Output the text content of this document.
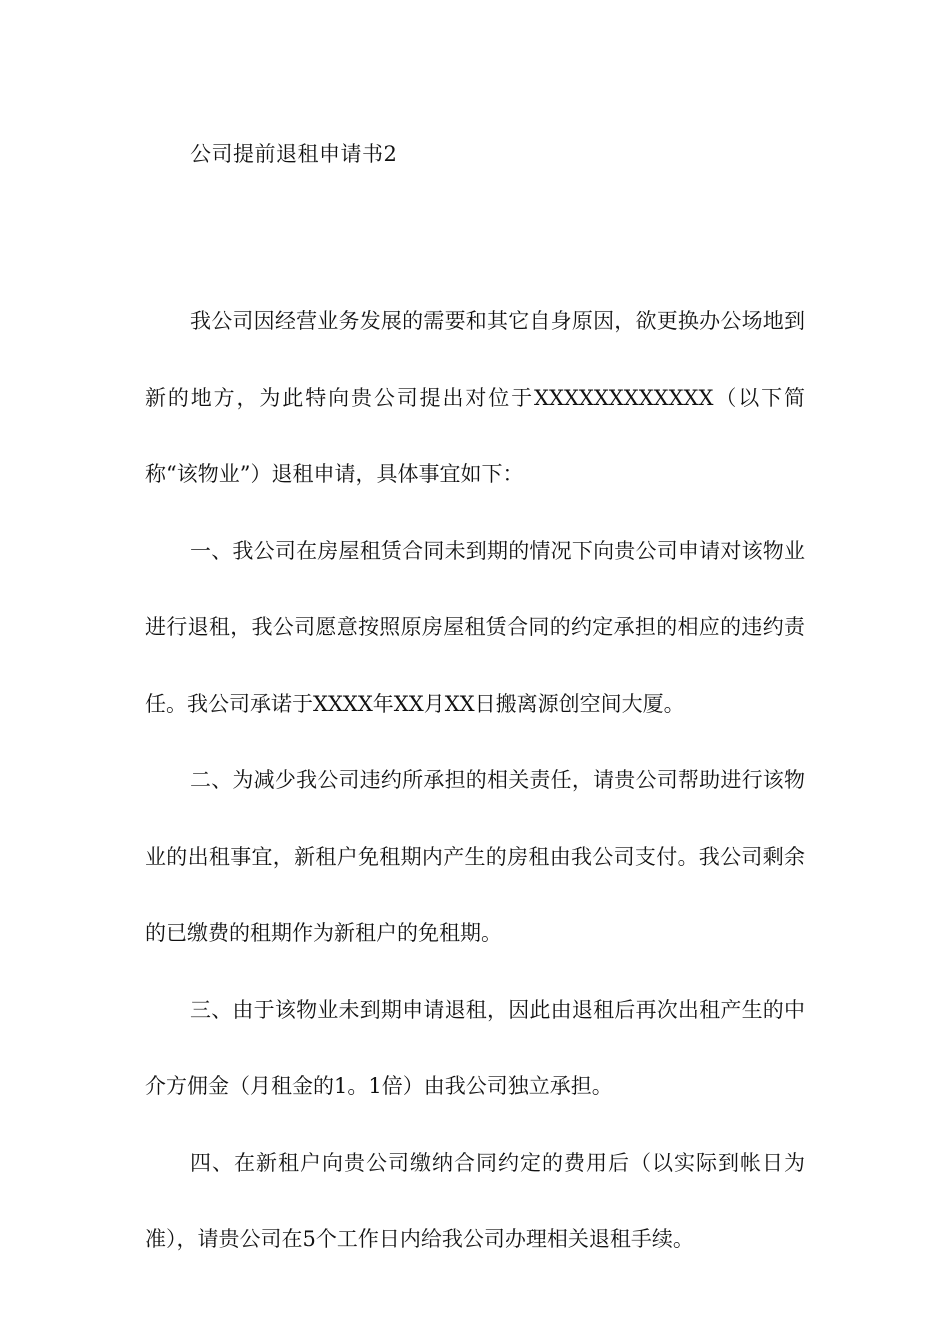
公司提前退租申请书2

我公司因经营业务发展的需要和其它自身原因，欲更换办公场地到新的地方，为此特向贵公司提出对位于XXXXXXXXXXXX（以下简称“该物业”）退租申请，具体事宜如下：

一、我公司在房屋租赁合同未到期的情况下向贵公司申请对该物业进行退租，我公司愿意按照原房屋租赁合同的约定承担的相应的违约责任。我公司承诺于XXXX年XX月XX日搬离源创空间大厦。

二、为减少我公司违约所承担的相关责任，请贵公司帮助进行该物业的出租事宜，新租户免租期内产生的房租由我公司支付。我公司剩余的已缴费的租期作为新租户的免租期。

三、由于该物业未到期申请退租，因此由退租后再次出租产生的中介方佣金（月租金的1。1倍）由我公司独立承担。

四、在新租户向贵公司缴纳合同约定的费用后（以实际到帐日为准），请贵公司在5个工作日内给我公司办理相关退租手续。
